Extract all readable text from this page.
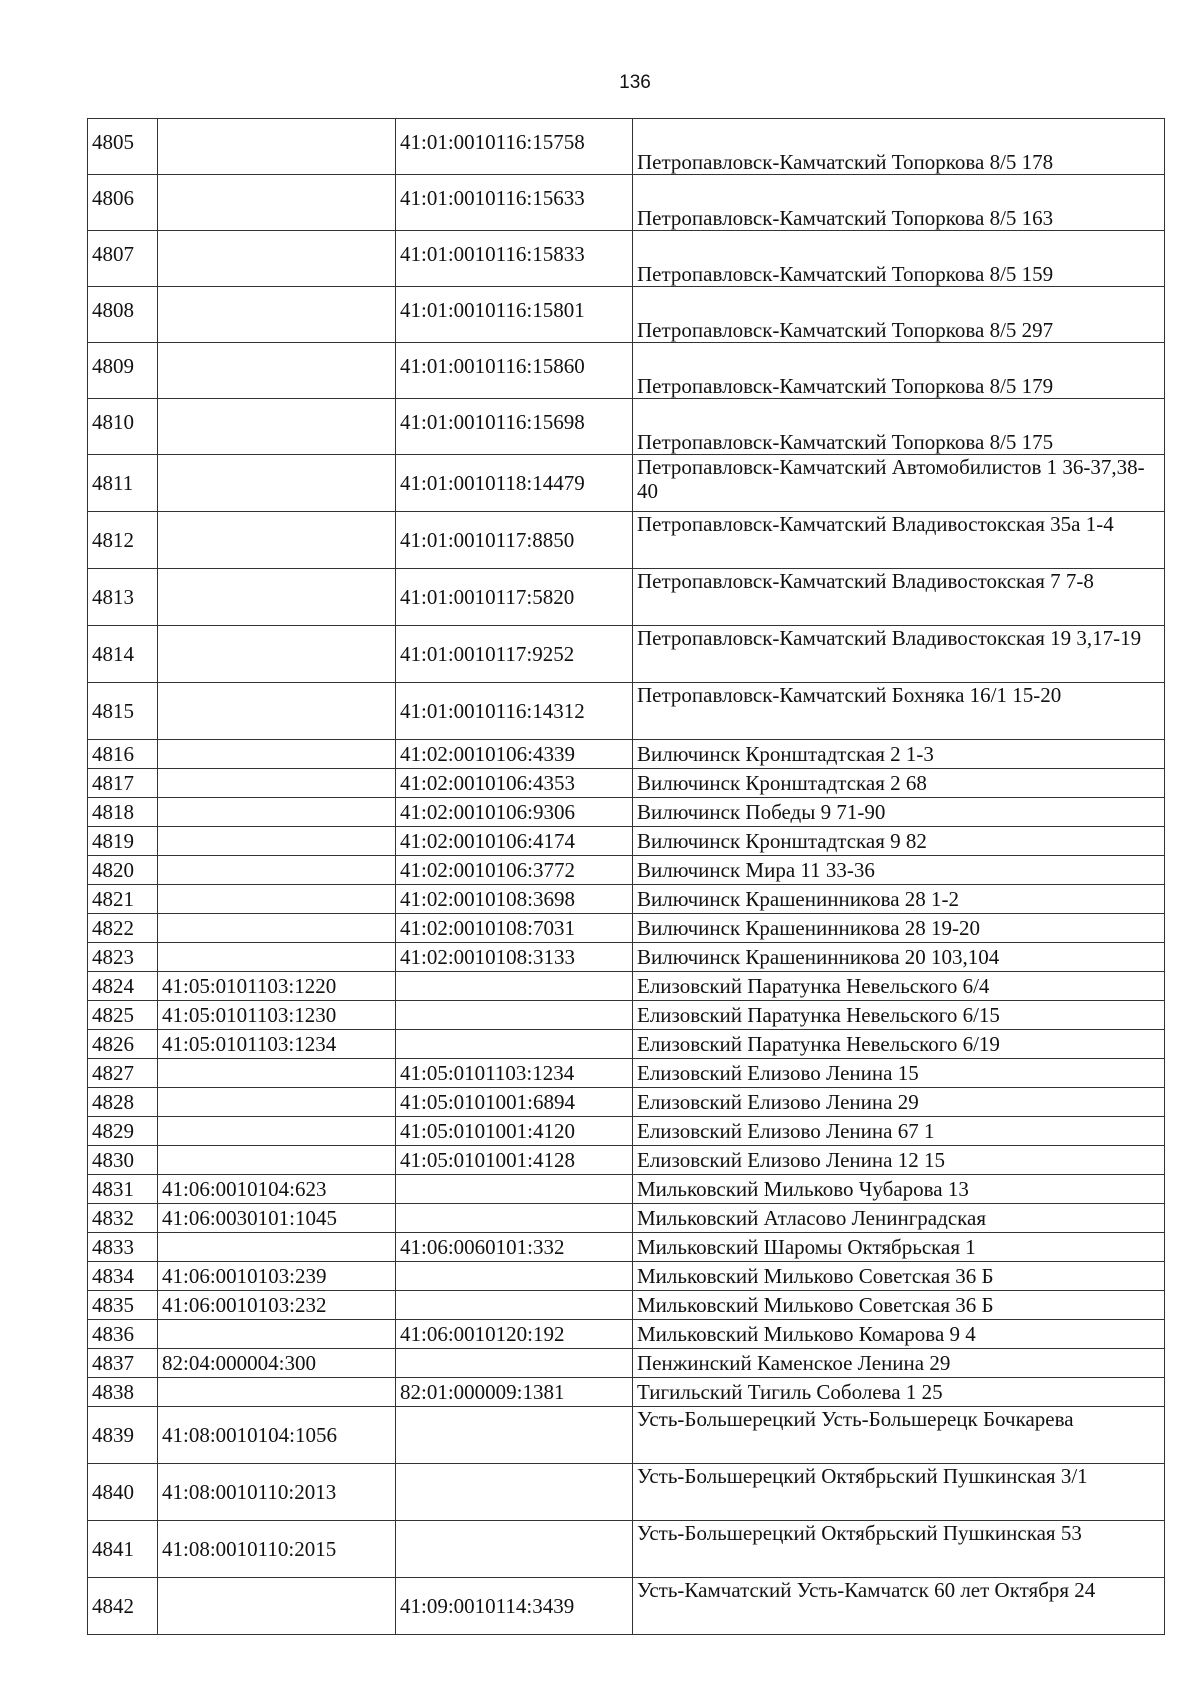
136
4805		41:01:0010116:15758	Петропавловск-Камчатский Топоркова 8/5 178
4806		41:01:0010116:15633	Петропавловск-Камчатский Топоркова 8/5 163
4807		41:01:0010116:15833	Петропавловск-Камчатский Топоркова 8/5 159
4808		41:01:0010116:15801	Петропавловск-Камчатский Топоркова 8/5 297
4809		41:01:0010116:15860	Петропавловск-Камчатский Топоркова 8/5 179
4810		41:01:0010116:15698	Петропавловск-Камчатский Топоркова 8/5 175
4811		41:01:0010118:14479	Петропавловск-Камчатский Автомобилистов 1 36-37,38-40
4812		41:01:0010117:8850	Петропавловск-Камчатский Владивостокская 35а 1-4
4813		41:01:0010117:5820	Петропавловск-Камчатский Владивостокская 7 7-8
4814		41:01:0010117:9252	Петропавловск-Камчатский Владивостокская 19 3,17-19
4815		41:01:0010116:14312	Петропавловск-Камчатский Бохняка 16/1 15-20
4816		41:02:0010106:4339	Вилючинск Кронштадтская 2 1-3
4817		41:02:0010106:4353	Вилючинск Кронштадтская 2 68
4818		41:02:0010106:9306	Вилючинск Победы 9 71-90
4819		41:02:0010106:4174	Вилючинск Кронштадтская 9 82
4820		41:02:0010106:3772	Вилючинск Мира 11 33-36
4821		41:02:0010108:3698	Вилючинск Крашенинникова 28 1-2
4822		41:02:0010108:7031	Вилючинск Крашенинникова 28 19-20
4823		41:02:0010108:3133	Вилючинск Крашенинникова 20 103,104
4824	41:05:0101103:1220		Елизовский Паратунка Невельского 6/4
4825	41:05:0101103:1230		Елизовский Паратунка Невельского 6/15
4826	41:05:0101103:1234		Елизовский Паратунка Невельского 6/19
4827		41:05:0101103:1234	Елизовский Елизово Ленина 15
4828		41:05:0101001:6894	Елизовский Елизово Ленина 29
4829		41:05:0101001:4120	Елизовский Елизово Ленина 67 1
4830		41:05:0101001:4128	Елизовский Елизово Ленина 12 15
4831	41:06:0010104:623		Мильковский Мильково Чубарова 13
4832	41:06:0030101:1045		Мильковский Атласово Ленинградская
4833		41:06:0060101:332	Мильковский Шаромы Октябрьская 1
4834	41:06:0010103:239		Мильковский Мильково Советская 36 Б
4835	41:06:0010103:232		Мильковский Мильково Советская 36 Б
4836		41:06:0010120:192	Мильковский Мильково Комарова 9 4
4837	82:04:000004:300		Пенжинский Каменское Ленина 29
4838		82:01:000009:1381	Тигильский Тигиль Соболева 1 25
4839	41:08:0010104:1056		Усть-Большерецкий Усть-Большерецк Бочкарева
4840	41:08:0010110:2013		Усть-Большерецкий Октябрьский Пушкинская 3/1
4841	41:08:0010110:2015		Усть-Большерецкий Октябрьский Пушкинская 53
4842		41:09:0010114:3439	Усть-Камчатский Усть-Камчатск 60 лет Октября 24
